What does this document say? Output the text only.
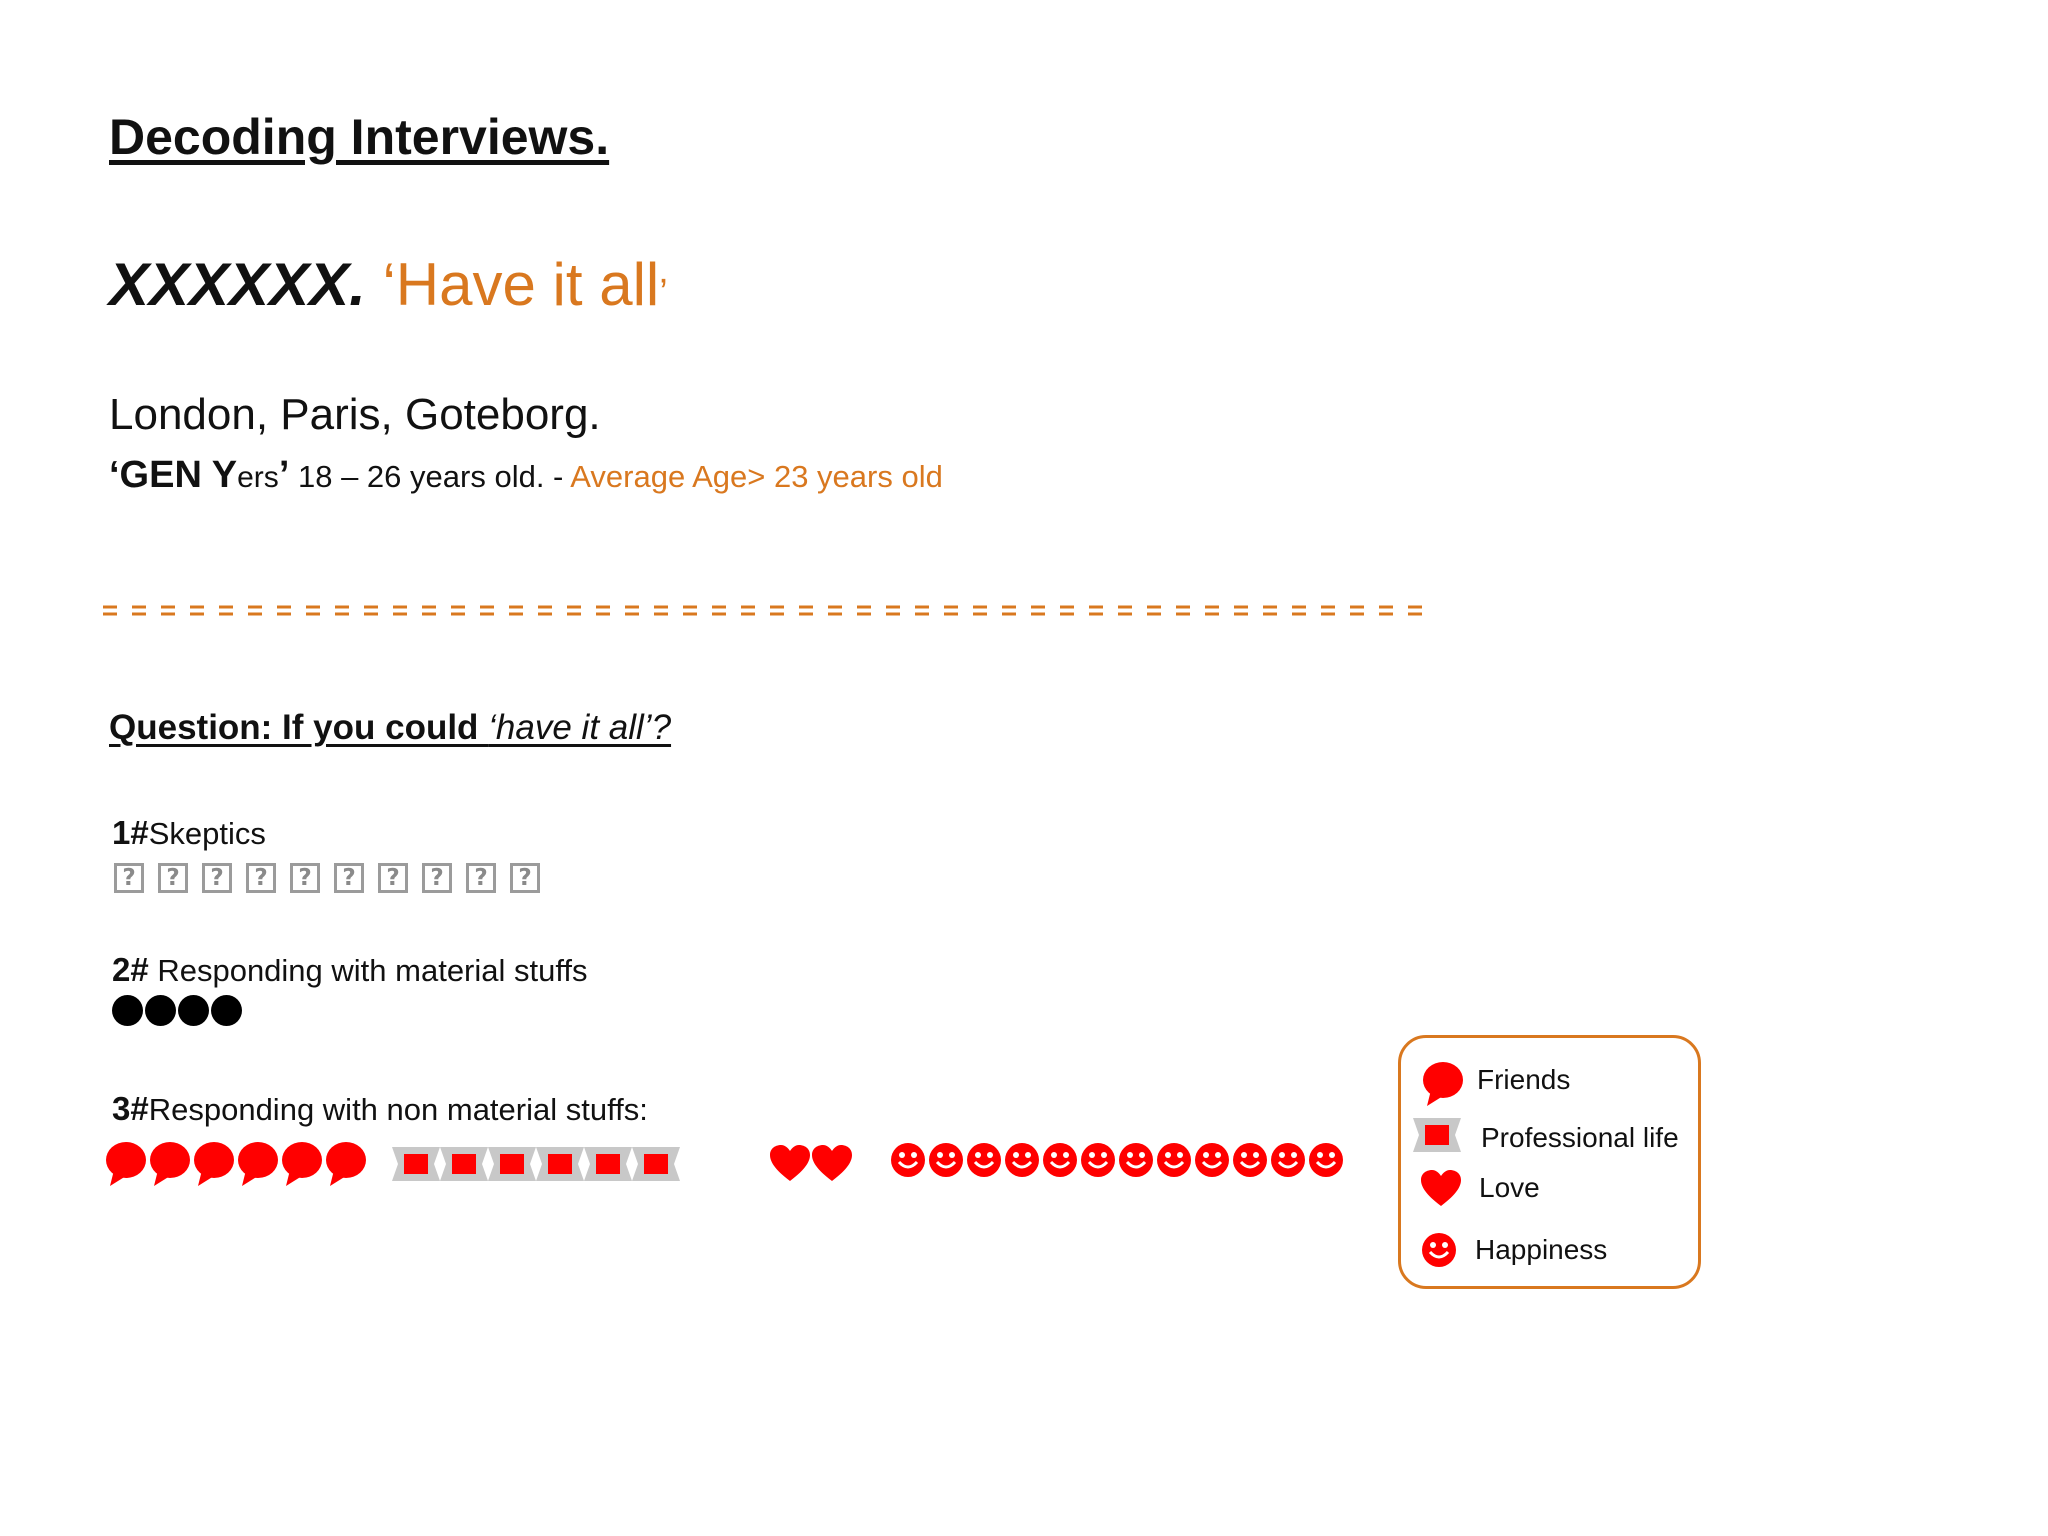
Decoding Interviews.
XXXXXX. ‘Have it all’
London, Paris, Goteborg.
‘GEN Yers’ 18 – 26 years old. - Average Age> 23 years old
Question: If you could ‘have it all’?
1#Skeptics
?	?	?	?	?	?	?	?	?	?
2# Responding with material stuffs
3#Responding with non material stuffs:
Friends
Professional life
Love
Happiness
